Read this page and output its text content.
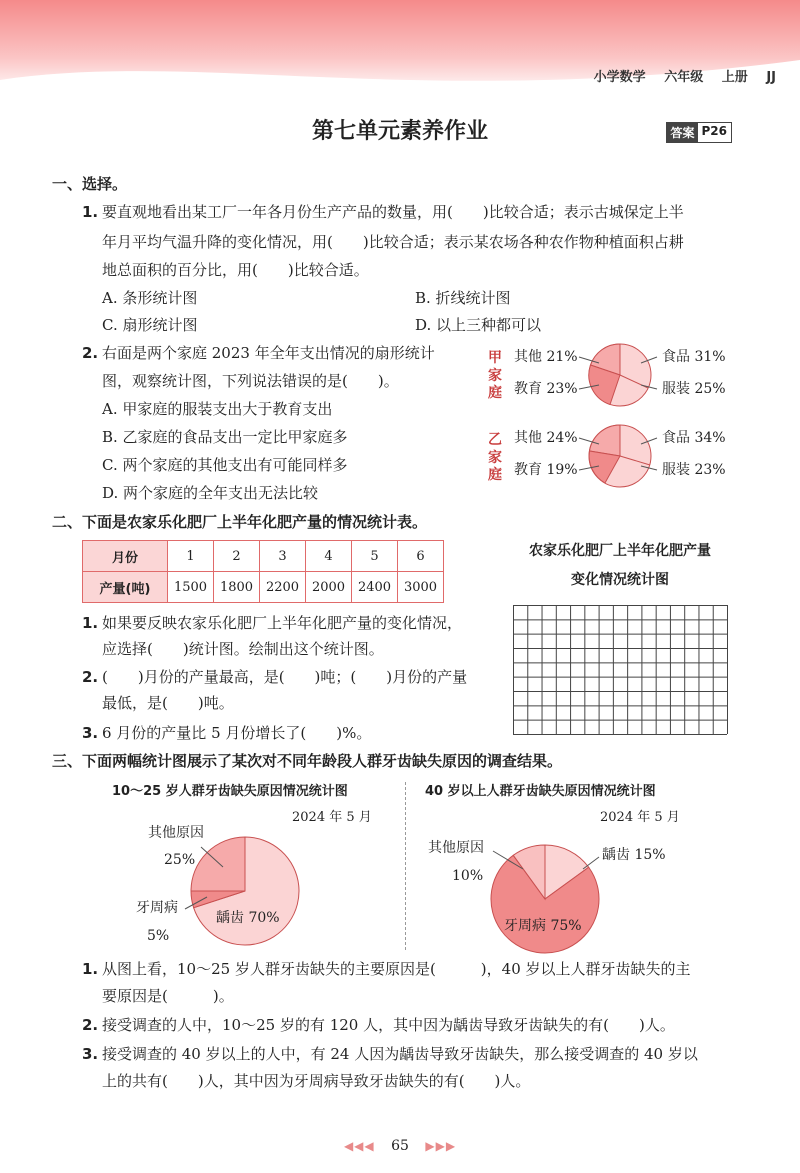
小学数学 六年级 上册 JJ
第七单元素养作业	答案 P26
一、选择。
1. 要直观地看出某工厂一年各月份生产产品的数量，用(　　)比较合适；表示古城保定上半
年月平均气温升降的变化情况，用(　　)比较合适；表示某农场各种农作物种植面积占耕
地总面积的百分比，用(　　)比较合适。
A. 条形统计图	B. 折线统计图
C. 扇形统计图	D. 以上三种都可以
2. 右面是两个家庭 2023 年全年支出情况的扇形统计
图，观察统计图，下列说法错误的是(　　)。
A. 甲家庭的服装支出大于教育支出
B. 乙家庭的食品支出一定比甲家庭多
C. 两个家庭的其他支出有可能同样多
D. 两个家庭的全年支出无法比较
甲家庭
其他 21%	食品 31%
教育 23%	服装 25%
乙家庭
其他 24%	食品 34%
教育 19%	服装 23%
二、下面是农家乐化肥厂上半年化肥产量的情况统计表。
月份	1	2	3	4	5	6
产量(吨)	1500	1800	2200	2000	2400	3000
农家乐化肥厂上半年化肥产量
变化情况统计图
1. 如果要反映农家乐化肥厂上半年化肥产量的变化情况，
应选择(　　)统计图。绘制出这个统计图。
2. (　　)月份的产量最高，是(　　)吨；(　　)月份的产量
最低，是(　　)吨。
3. 6 月份的产量比 5 月份增长了(　　)%。
三、下面两幅统计图展示了某次对不同年龄段人群牙齿缺失原因的调查结果。
10～25 岁人群牙齿缺失原因情况统计图
2024 年 5 月
其他原因
25%
牙周病
龋齿 70%
40 岁以上人群牙齿缺失原因情况统计图
2024 年 5 月
其他原因
10%
牙周病 75%
1. 从图上看，10～25 岁人群牙齿缺失的主要原因是(　　　)，40 岁以上人群牙齿缺失的主
要原因是(　　　)。
2. 接受调查的人中，10～25 岁的有 120 人，其中因为龋齿导致牙齿缺失的有(　　)人。
3. 接受调查的 40 岁以上的人中，有 24 人因为龋齿导致牙齿缺失，那么接受调查的 40 岁以
上的共有(　　)人，其中因为牙周病导致牙齿缺失的有(　　)人。
◀◀◀ 65 ▶▶▶
5%
龋齿 15%
